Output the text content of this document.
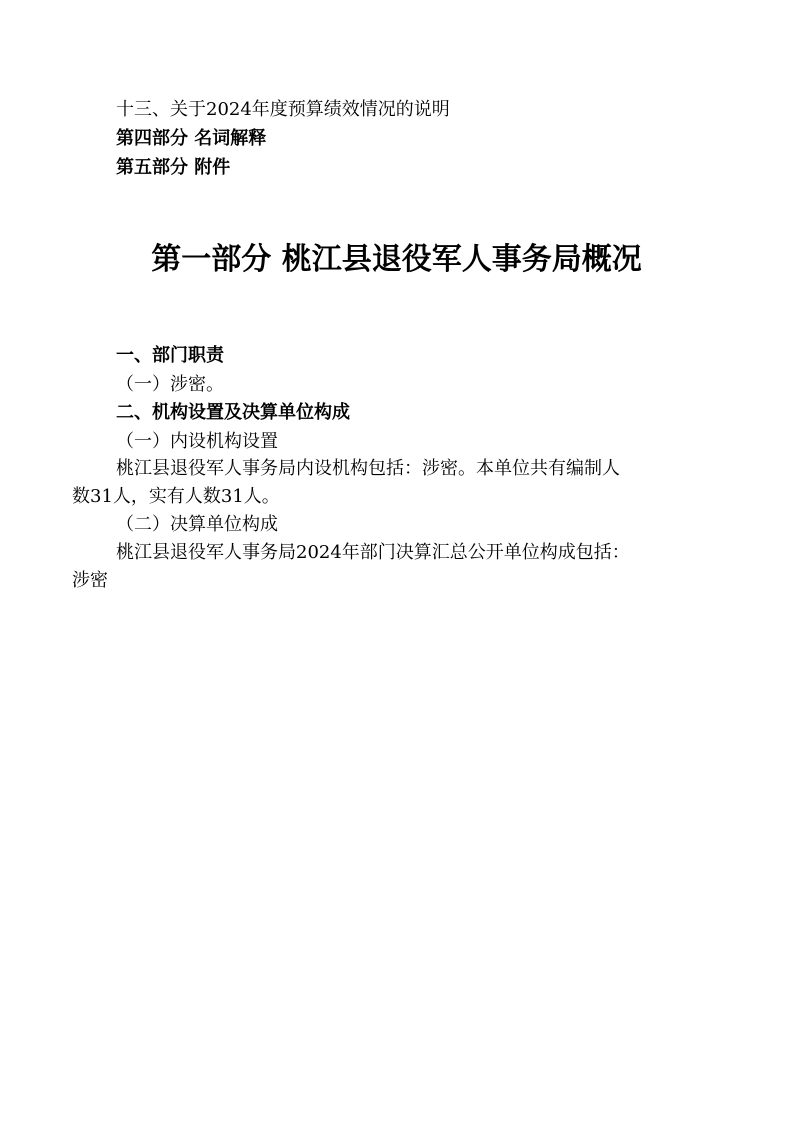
十三、关于2024年度预算绩效情况的说明
第四部分 名词解释
第五部分 附件
第一部分 桃江县退役军人事务局概况
一、部门职责
（一）涉密。
二、机构设置及决算单位构成
（一）内设机构设置
桃江县退役军人事务局内设机构包括：涉密。本单位共有编制人
数31人，实有人数31人。
（二）决算单位构成
桃江县退役军人事务局2024年部门决算汇总公开单位构成包括：
涉密
